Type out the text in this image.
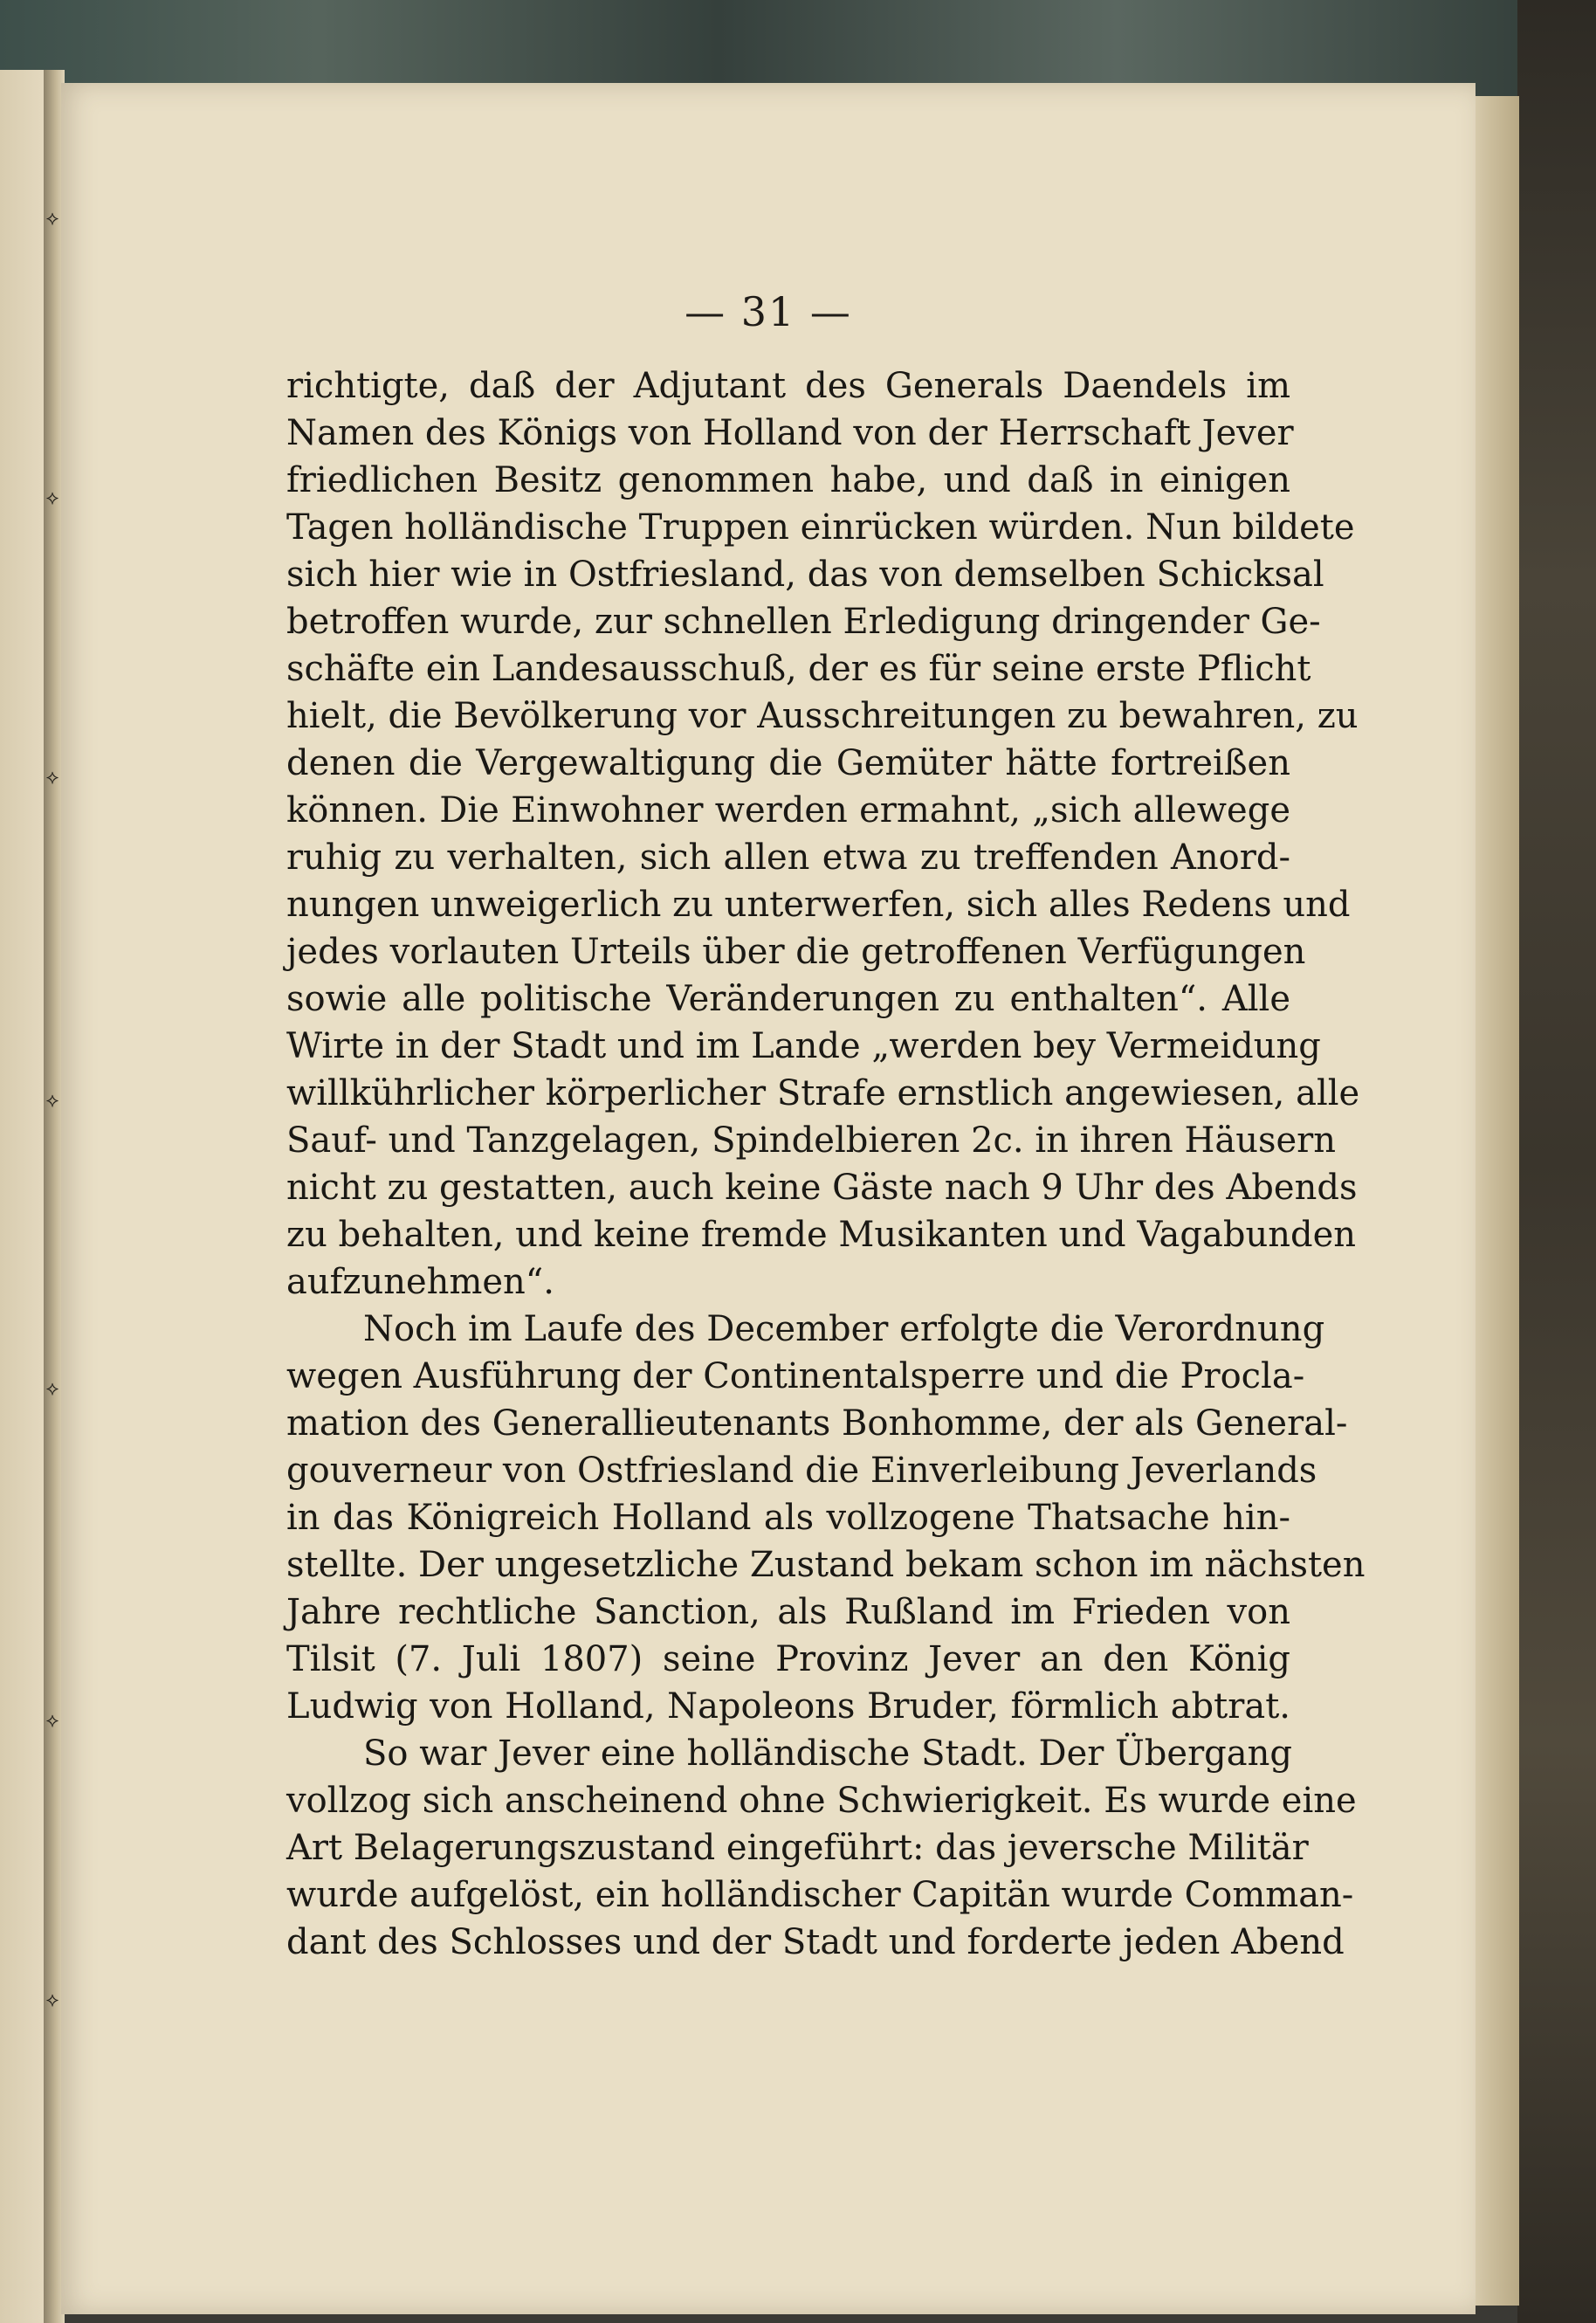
⟡
⟡
⟡
⟡
⟡
⟡
⟡
— 31 —
richtigte, daß der Adjutant des Generals Daendels im
Namen des Königs von Holland von der Herrschaft Jever
friedlichen Besitz genommen habe, und daß in einigen
Tagen holländische Truppen einrücken würden. Nun bildete
sich hier wie in Ostfriesland, das von demselben Schicksal
betroffen wurde, zur schnellen Erledigung dringender Ge-
schäfte ein Landesausschuß, der es für seine erste Pflicht
hielt, die Bevölkerung vor Ausschreitungen zu bewahren, zu
denen die Vergewaltigung die Gemüter hätte fortreißen
können. Die Einwohner werden ermahnt, „sich allewege
ruhig zu verhalten, sich allen etwa zu treffenden Anord-
nungen unweigerlich zu unterwerfen, sich alles Redens und
jedes vorlauten Urteils über die getroffenen Verfügungen
sowie alle politische Veränderungen zu enthalten“. Alle
Wirte in der Stadt und im Lande „werden bey Vermeidung
willkührlicher körperlicher Strafe ernstlich angewiesen, alle
Sauf- und Tanzgelagen, Spindelbieren 2c. in ihren Häusern
nicht zu gestatten, auch keine Gäste nach 9 Uhr des Abends
zu behalten, und keine fremde Musikanten und Vagabunden
aufzunehmen“.
Noch im Laufe des December erfolgte die Verordnung
wegen Ausführung der Continentalsperre und die Procla-
mation des Generallieutenants Bonhomme, der als General-
gouverneur von Ostfriesland die Einverleibung Jeverlands
in das Königreich Holland als vollzogene Thatsache hin-
stellte. Der ungesetzliche Zustand bekam schon im nächsten
Jahre rechtliche Sanction, als Rußland im Frieden von
Tilsit (7. Juli 1807) seine Provinz Jever an den König
Ludwig von Holland, Napoleons Bruder, förmlich abtrat.
So war Jever eine holländische Stadt. Der Übergang
vollzog sich anscheinend ohne Schwierigkeit. Es wurde eine
Art Belagerungszustand eingeführt: das jeversche Militär
wurde aufgelöst, ein holländischer Capitän wurde Comman-
dant des Schlosses und der Stadt und forderte jeden Abend
